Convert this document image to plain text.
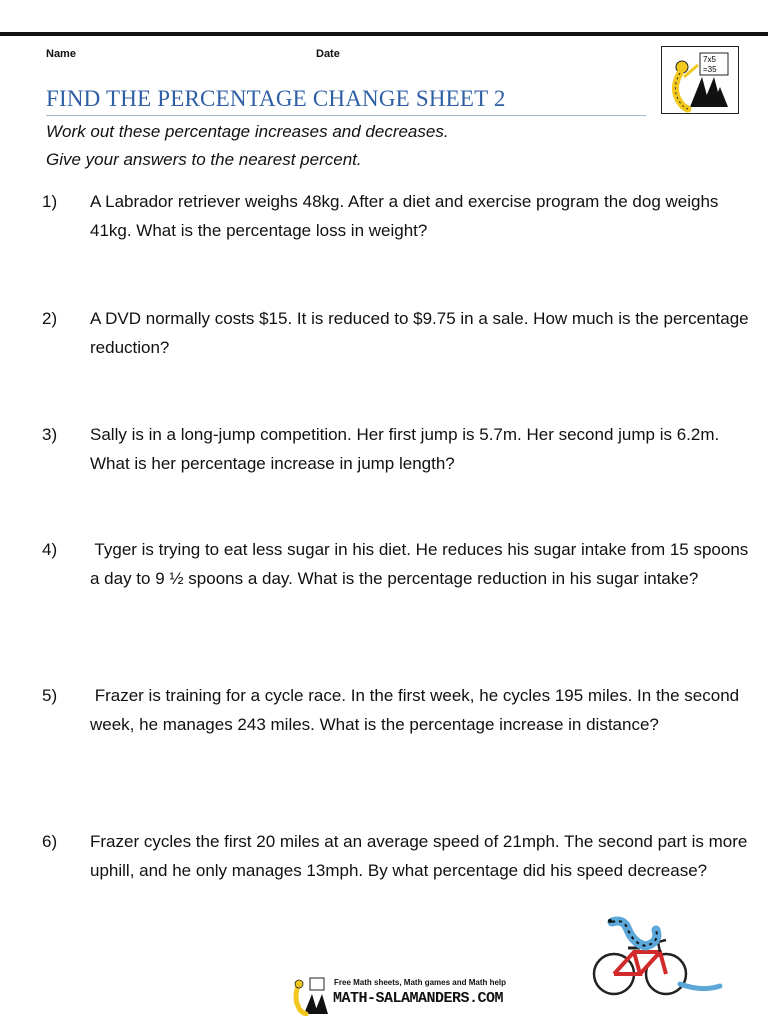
Name	Date	7x5
=35
FIND THE PERCENTAGE CHANGE SHEET 2
Work out these percentage increases and decreases.
Give your answers to the nearest percent.
1) A Labrador retriever weighs 48kg. After a diet and exercise program the dog weighs 41kg. What is the percentage loss in weight?
2) A DVD normally costs $15. It is reduced to $9.75 in a sale. How much is the percentage reduction?
3) Sally is in a long-jump competition. Her first jump is 5.7m. Her second jump is 6.2m. What is her percentage increase in jump length?
4) Tyger is trying to eat less sugar in his diet. He reduces his sugar intake from 15 spoons a day to 9 ½ spoons a day. What is the percentage reduction in his sugar intake?
5) Frazer is training for a cycle race. In the first week, he cycles 195 miles. In the second week, he manages 243 miles. What is the percentage increase in distance?
6) Frazer cycles the first 20 miles at an average speed of 21mph. The second part is more uphill, and he only manages 13mph. By what percentage did his speed decrease?
Free Math sheets, Math games and Math help
MATH-SALAMANDERS.COM
